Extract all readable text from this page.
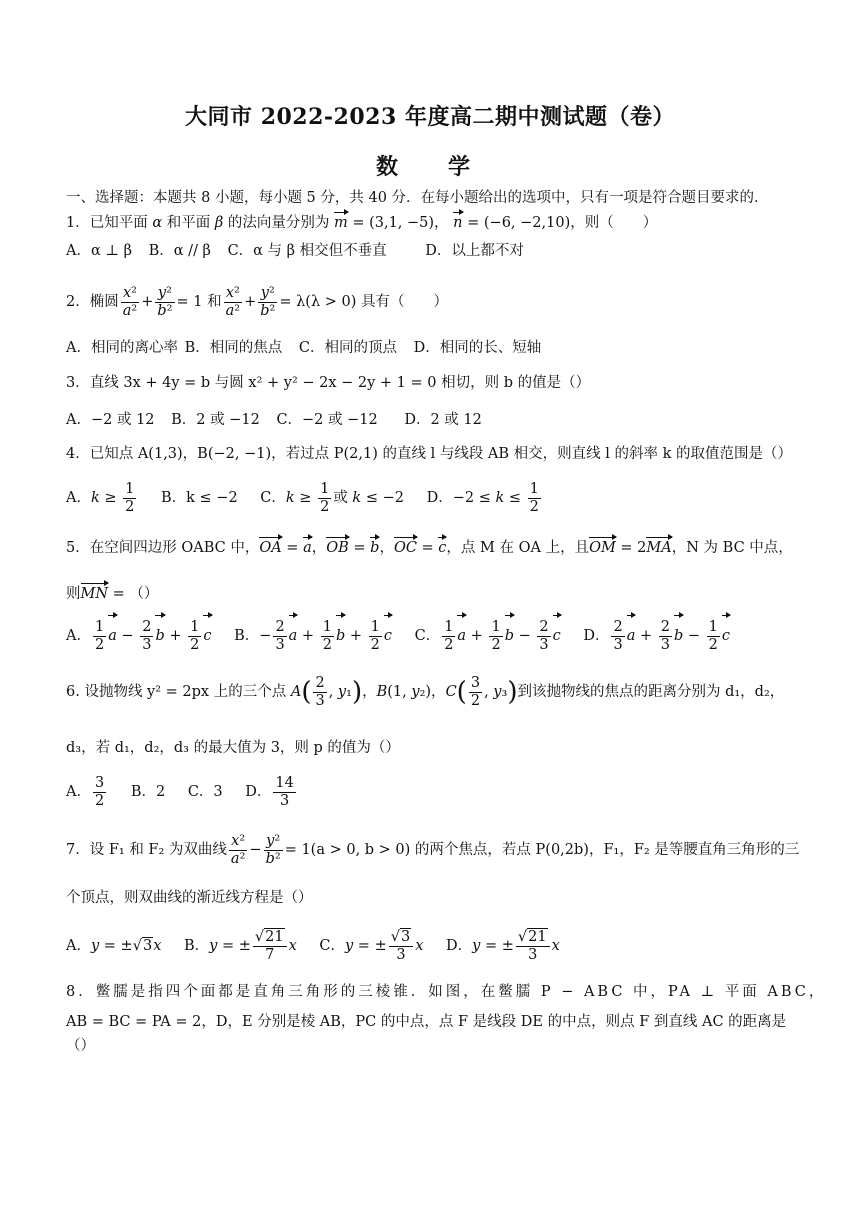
大同市 2022-2023 年度高二期中测试题（卷）
数　学
一、选择题：本题共 8 小题，每小题 5 分，共 40 分．在每小题给出的选项中，只有一项是符合题目要求的．
1．已知平面 α 和平面 β 的法向量分别为 m = (3,1, −5)， n = (−6, −2,10)，则（　　）
A．α ⊥ β B．α // β C．α 与 β 相交但不垂直	D．以上都不对
2．椭圆 $\frac{\text{x²}}{\text{a²}} + \frac{\text{y²}}{\text{b²}} = 1$ 和 $\frac{\text{x²}}{\text{a²}} + \frac{\text{y²}}{\text{b²}} = \lambda(\lambda > 0)$ 具有（　　）
A．相同的离心率 B．相同的焦点 C．相同的顶点 D．相同的长、短轴
3．直线 3x + 4y = b 与圆 x² + y² − 2x − 2y + 1 = 0 相切，则 b 的值是（）
A．−2 或 12 B．2 或 −12 C．−2 或 −12 D．2 或 12
4．已知点 A(1,3)，B(−2, −1)，若过点 P(2,1) 的直线 l 与线段 AB 相交，则直线 l 的斜率 k 的取值范围是（）
A．$k \ge \frac{1}{2}$ B．k ≤ −2 C．$k \ge \frac{1}{2}$ 或 k ≤ −2 D．$-2 \le k \le \frac{1}{2}$
5．在空间四边形 OABC 中，OA = a，OB = b，OC = c，点 M 在 OA 上，且OM = 2MA，N 为 BC 中点，
则MN = （）
A． $\frac{1}{2}$ $a - \frac{2}{3}$ $b + \frac{1}{2}$ c B．− $\frac{2}{3}$ $a + \frac{1}{2}$ $b + \frac{1}{2}$ c C． $\frac{1}{2}$ $a + \frac{1}{2}$ $b - \frac{2}{3}$ c D． $\frac{2}{3}$ $a + \frac{2}{3}$ $b - \frac{1}{2}$ c
6. 设抛物线 y² = 2px 上的三个点 $A( \frac{2}{3}$ , y₁)，B(1, y₂)，$C( \frac{3}{2}$ , y₃)到该抛物线的焦点的距离分别为 d₁，d₂，
d₃，若 d₁，d₂，d₃ 的最大值为 3，则 p 的值为（）
A． $\frac{3}{2}$ B．2 C．3 D． $\frac{14}{3}$
7．设 F₁ 和 F₂ 为双曲线 $\frac{\text{x²}}{\text{a²}} - \frac{\text{y²}}{\text{b²}} = 1(a > 0$, b > 0) 的两个焦点，若点 P(0,2b)，F₁，F₂ 是等腰直角三角形的三
个顶点，则双曲线的渐近线方程是（）
A．y = ±√3x B．y = ± $\frac{√21}{7}$ x C．y = ± $\frac{√3}{3}$ x D．y = ± $\frac{√21}{3}$ x
8．鳖臑是指四个面都是直角三角形的三棱锥．如图，在鳖臑 P − ABC 中，PA ⊥ 平面 ABC，
AB = BC = PA = 2，D，E 分别是棱 AB，PC 的中点，点 F 是线段 DE 的中点，则点 F 到直线 AC 的距离是
（）
